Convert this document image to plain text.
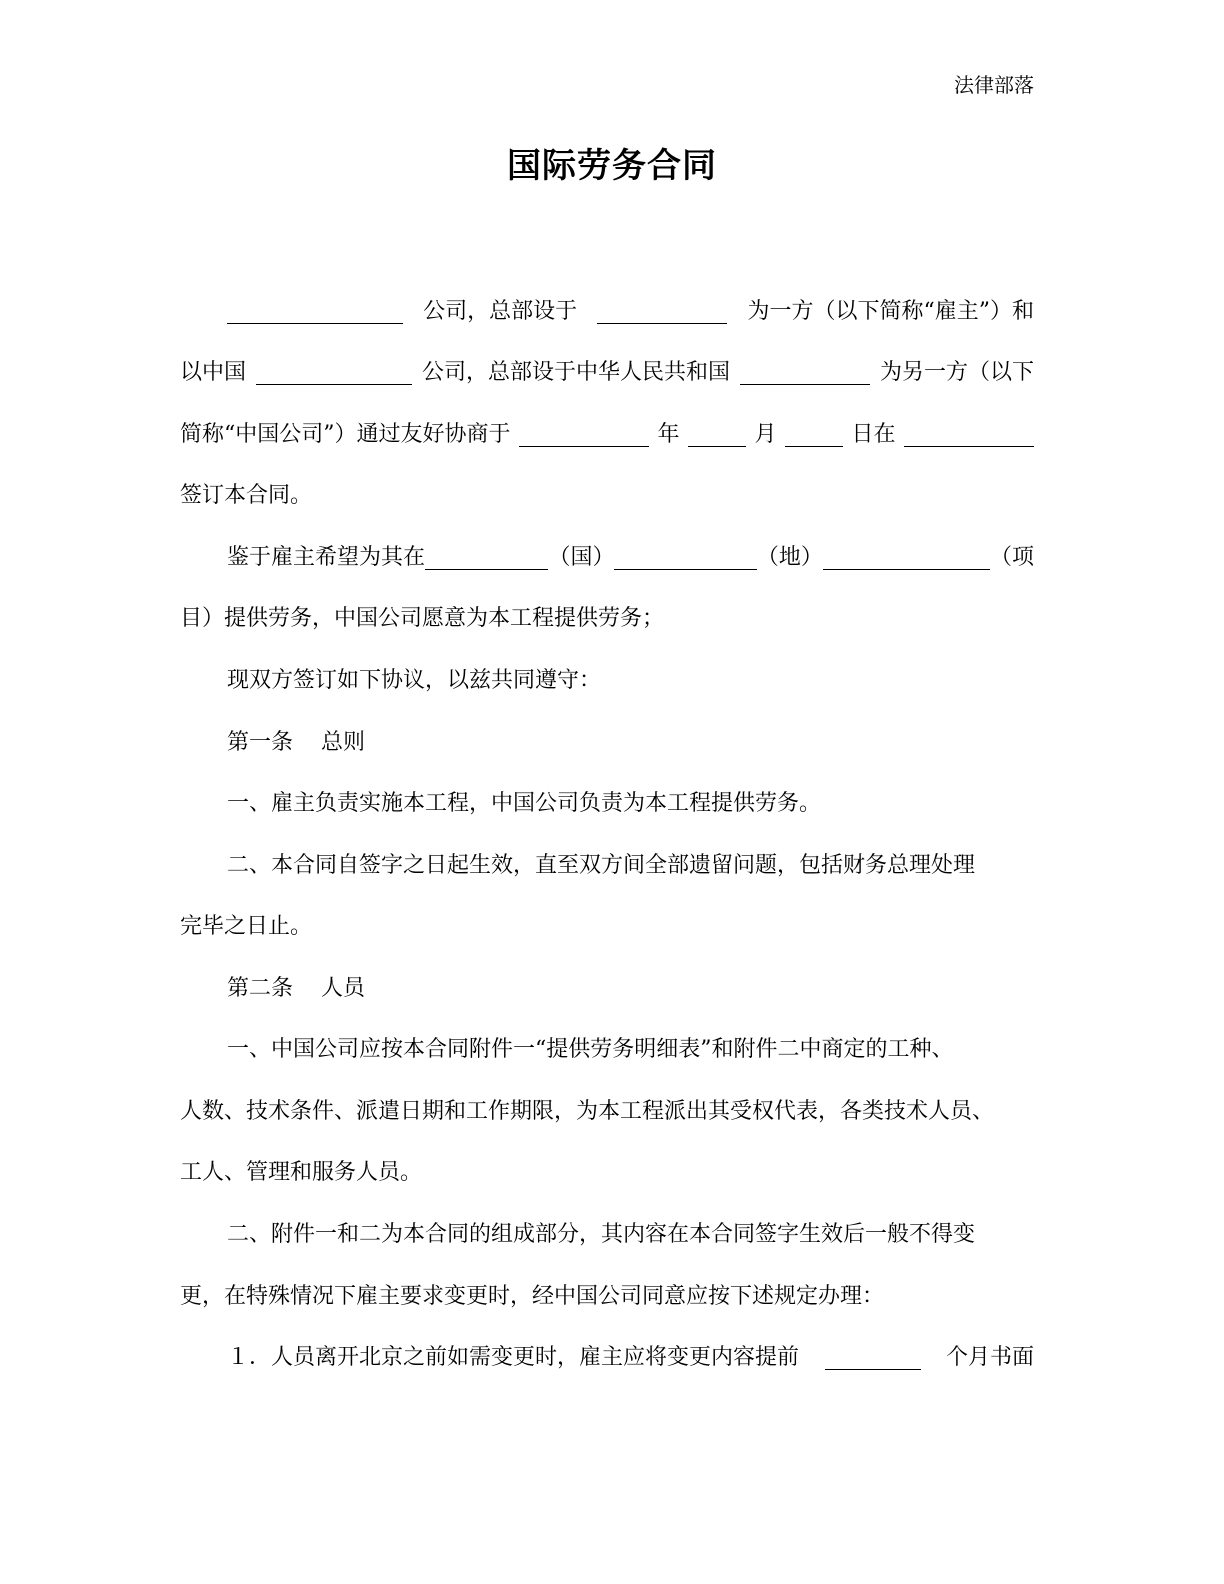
法律部落
国际劳务合同
公司，总部设于	为一方（以下简称“雇主”）和
以中国	公司，总部设于中华人民共和国	为另一方（以下
简称“中国公司”）通过友好协商于	年	月	日在
签订本合同。
鉴于雇主希望为其在	（国）	（地）	（项
目）提供劳务，中国公司愿意为本工程提供劳务；
现双方签订如下协议，以兹共同遵守：
第一条 总则
一、雇主负责实施本工程，中国公司负责为本工程提供劳务。
二、本合同自签字之日起生效，直至双方间全部遗留问题，包括财务总理处理
完毕之日止。
第二条 人员
一、中国公司应按本合同附件一“提供劳务明细表”和附件二中商定的工种、
人数、技术条件、派遣日期和工作期限，为本工程派出其受权代表，各类技术人员、
工人、管理和服务人员。
二、附件一和二为本合同的组成部分，其内容在本合同签字生效后一般不得变
更，在特殊情况下雇主要求变更时，经中国公司同意应按下述规定办理：
１．人员离开北京之前如需变更时，雇主应将变更内容提前	个月书面
